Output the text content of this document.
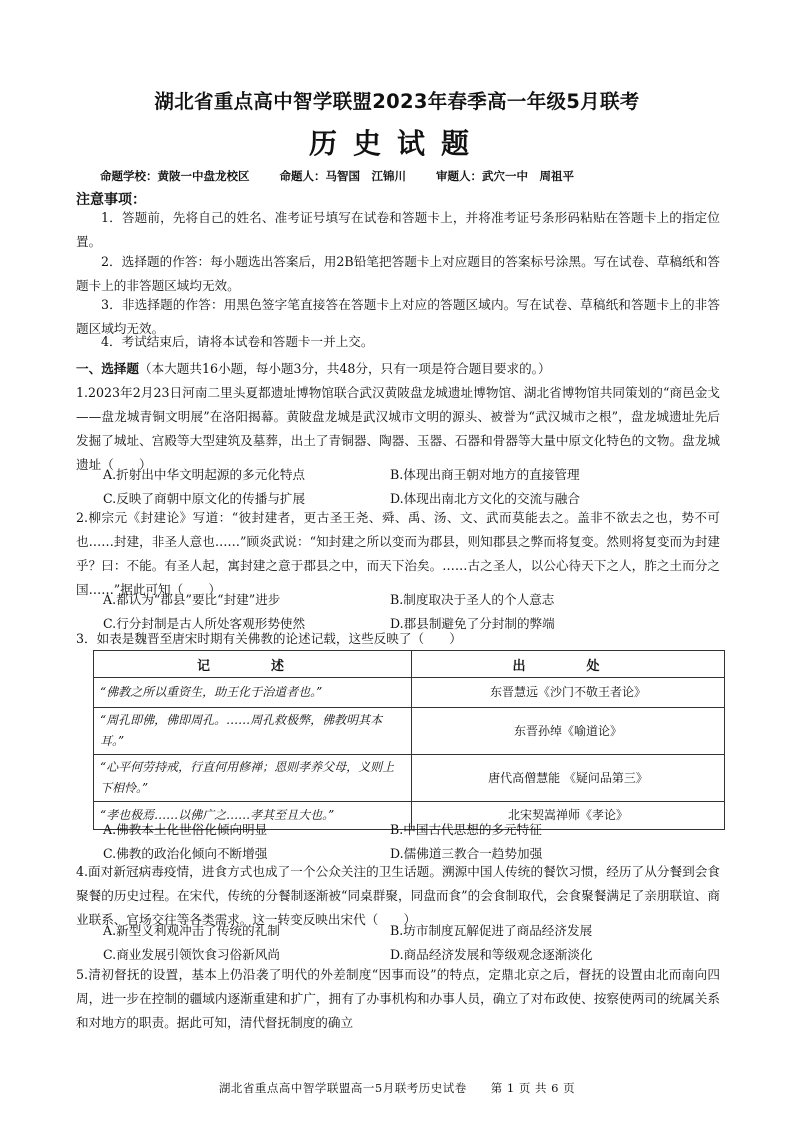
湖北省重点高中智学联盟2023年春季高一年级5月联考
历史试题
命题学校：黄陂一中盘龙校区	命题人：马智国　江锦川	审题人：武穴一中　周祖平
注意事项：
1．答题前，先将自己的姓名、准考证号填写在试卷和答题卡上，并将准考证号条形码粘贴在答题卡上的指定位置。
2．选择题的作答：每小题选出答案后，用2B铅笔把答题卡上对应题目的答案标号涂黑。写在试卷、草稿纸和答题卡上的非答题区域均无效。
3．非选择题的作答：用黑色签字笔直接答在答题卡上对应的答题区域内。写在试卷、草稿纸和答题卡上的非答题区域均无效。
4．考试结束后，请将本试卷和答题卡一并上交。
一、选择题（本大题共16小题，每小题3分，共48分，只有一项是符合题目要求的。）
1.2023年2月23日河南二里头夏都遗址博物馆联合武汉黄陂盘龙城遗址博物馆、湖北省博物馆共同策划的“商邑金戈——盘龙城青铜文明展”在洛阳揭幕。黄陂盘龙城是武汉城市文明的源头、被誉为“武汉城市之根”，盘龙城遗址先后发掘了城址、宫殿等大型建筑及墓葬，出土了青铜器、陶器、玉器、石器和骨器等大量中原文化特色的文物。盘龙城遗址（　　）
A.折射出中华文明起源的多元化特点	B.体现出商王朝对地方的直接管理
C.反映了商朝中原文化的传播与扩展	D.体现出南北方文化的交流与融合
2.柳宗元《封建论》写道：“彼封建者，更古圣王尧、舜、禹、汤、文、武而莫能去之。盖非不欲去之也，势不可也……封建，非圣人意也……”顾炎武说：“知封建之所以变而为郡县，则知郡县之弊而将复变。然则将复变而为封建乎？曰：不能。有圣人起，寓封建之意于郡县之中，而天下治矣。……古之圣人，以公心待天下之人，胙之土而分之国……”据此可知（　　）
A.都认为“郡县”要比“封建”进步	B.制度取决于圣人的个人意志
C.行分封制是古人所处客观形势使然	D.郡县制避免了分封制的弊端
3．如表是魏晋至唐宋时期有关佛教的论述记载，这些反映了（　　）
记　述	出　处
“佛教之所以重资生，助王化于治道者也。”	东晋慧远《沙门不敬王者论》
“周孔即佛，佛即周孔。……周孔救极弊，佛教明其本耳。”	东晋孙绰《喻道论》
“心平何劳持戒，行直何用修禅；恩则孝养父母，义则上下相怜。”	唐代高僧慧能 《疑问品第三》
“孝也极焉……以佛广之……孝其至且大也。”	北宋契嵩禅师《孝论》
A.佛教本土化世俗化倾向明显	B.中国古代思想的多元特征
C.佛教的政治化倾向不断增强	D.儒佛道三教合一趋势加强
4.面对新冠病毒疫情，进食方式也成了一个公众关注的卫生话题。溯源中国人传统的餐饮习惯，经历了从分餐到会食聚餐的历史过程。在宋代，传统的分餐制逐渐被“同桌群聚，同盘而食”的会食制取代，会食聚餐满足了亲朋联谊、商业联系、官场交往等各类需求。这一转变反映出宋代（　　）
A.新型义利观冲击了传统的礼制	B.坊市制度瓦解促进了商品经济发展
C.商业发展引领饮食习俗新风尚	D.商品经济发展和等级观念逐渐淡化
5.清初督抚的设置，基本上仍沿袭了明代的外差制度“因事而设”的特点，定鼎北京之后，督抚的设置由北而南向四周，进一步在控制的疆域内逐渐重建和扩广，拥有了办事机构和办事人员，确立了对布政使、按察使两司的统属关系和对地方的职责。据此可知，清代督抚制度的确立
湖北省重点高中智学联盟高一5月联考历史试卷　　第 1 页 共 6 页
